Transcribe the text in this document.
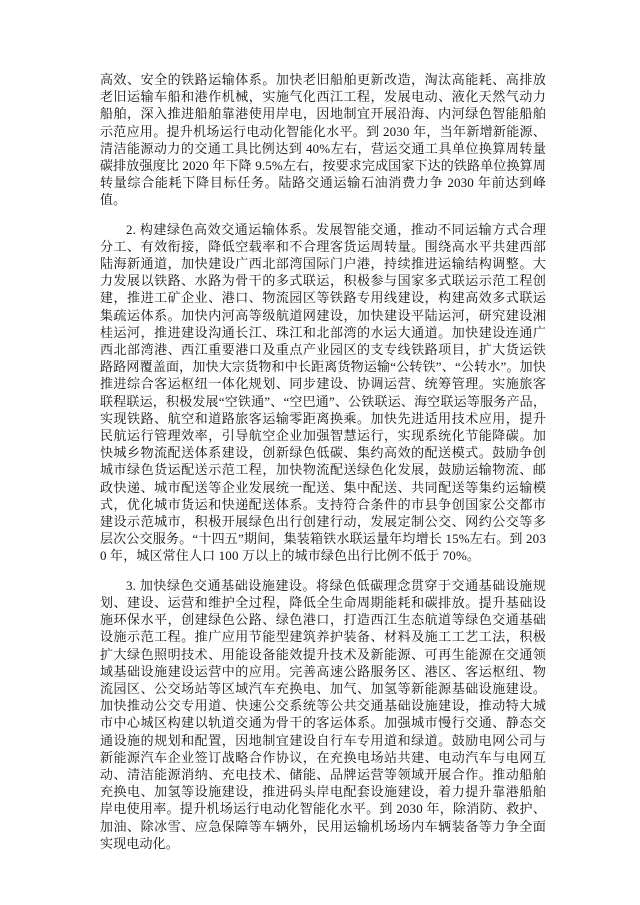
高效、安全的铁路运输体系。加快老旧船舶更新改造，淘汰高能耗、高排放老旧运输车船和港作机械，实施气化西江工程，发展电动、液化天然气动力船舶，深入推进船舶靠港使用岸电，因地制宜开展沿海、内河绿色智能船舶示范应用。提升机场运行电动化智能化水平。到 2030 年，当年新增新能源、清洁能源动力的交通工具比例达到 40%左右，营运交通工具单位换算周转量碳排放强度比 2020 年下降 9.5%左右，按要求完成国家下达的铁路单位换算周转量综合能耗下降目标任务。陆路交通运输石油消费力争 2030 年前达到峰值。

2. 构建绿色高效交通运输体系。发展智能交通，推动不同运输方式合理分工、有效衔接，降低空载率和不合理客货运周转量。围绕高水平共建西部陆海新通道，加快建设广西北部湾国际门户港，持续推进运输结构调整。大力发展以铁路、水路为骨干的多式联运，积极参与国家多式联运示范工程创建，推进工矿企业、港口、物流园区等铁路专用线建设，构建高效多式联运集疏运体系。加快内河高等级航道网建设，加快建设平陆运河，研究建设湘桂运河，推进建设沟通长江、珠江和北部湾的水运大通道。加快建设连通广西北部湾港、西江重要港口及重点产业园区的支专线铁路项目，扩大货运铁路路网覆盖面，加快大宗货物和中长距离货物运输“公转铁”、“公转水”。加快推进综合客运枢纽一体化规划、同步建设、协调运营、统筹管理。实施旅客联程联运，积极发展“空铁通”、“空巴通”、公铁联运、海空联运等服务产品，实现铁路、航空和道路旅客运输零距离换乘。加快先进适用技术应用，提升民航运行管理效率，引导航空企业加强智慧运行，实现系统化节能降碳。加快城乡物流配送体系建设，创新绿色低碳、集约高效的配送模式。鼓励争创城市绿色货运配送示范工程，加快物流配送绿色化发展，鼓励运输物流、邮政快递、城市配送等企业发展统一配送、集中配送、共同配送等集约运输模式，优化城市货运和快递配送体系。支持符合条件的市县争创国家公交都市建设示范城市，积极开展绿色出行创建行动，发展定制公交、网约公交等多层次公交服务。“十四五”期间，集装箱铁水联运量年均增长 15%左右。到 2030 年，城区常住人口 100 万以上的城市绿色出行比例不低于 70%。

3. 加快绿色交通基础设施建设。将绿色低碳理念贯穿于交通基础设施规划、建设、运营和维护全过程，降低全生命周期能耗和碳排放。提升基础设施环保水平，创建绿色公路、绿色港口，打造西江生态航道等绿色交通基础设施示范工程。推广应用节能型建筑养护装备、材料及施工工艺工法，积极扩大绿色照明技术、用能设备能效提升技术及新能源、可再生能源在交通领域基础设施建设运营中的应用。完善高速公路服务区、港区、客运枢纽、物流园区、公交场站等区域汽车充换电、加气、加氢等新能源基础设施建设。加快推动公交专用道、快速公交系统等公共交通基础设施建设，推动特大城市中心城区构建以轨道交通为骨干的客运体系。加强城市慢行交通、静态交通设施的规划和配置，因地制宜建设自行车专用道和绿道。鼓励电网公司与新能源汽车企业签订战略合作协议，在充换电场站共建、电动汽车与电网互动、清洁能源消纳、充电技术、储能、品牌运营等领域开展合作。推动船舶充换电、加氢等设施建设，推进码头岸电配套设施建设，着力提升靠港船舶岸电使用率。提升机场运行电动化智能化水平。到 2030 年，除消防、救护、加油、除冰雪、应急保障等车辆外，民用运输机场场内车辆装备等力争全面实现电动化。
